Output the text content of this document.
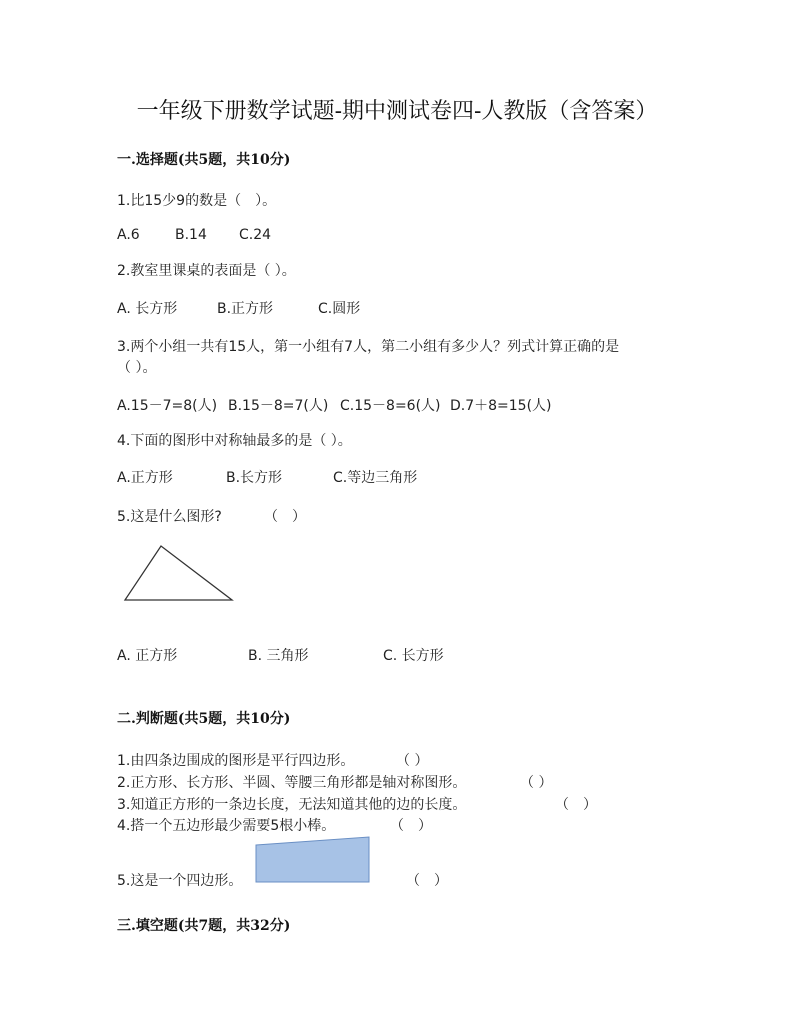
一年级下册数学试题-期中测试卷四-人教版（含答案）
一.选择题(共5题，共10分)
1.比15少9的数是（　）。
A.6	B.14 C.24
2.教室里课桌的表面是（ ）。
A. 长方形	B.正方形	C.圆形
3.两个小组一共有15人，第一小组有7人，第二小组有多少人？列式计算正确的是
（ ）。
A.15－7=8(人) B.15－8=7(人) C.15－8=6(人) D.7＋8=15(人)
4.下面的图形中对称轴最多的是（ ）。
A.正方形	B.长方形	C.等边三角形
5.这是什么图形?	（　）
A. 正方形	B. 三角形	C. 长方形
二.判断题(共5题，共10分)
1.由四条边围成的图形是平行四边形。	（ ）
2.正方形、长方形、半圆、等腰三角形都是轴对称图形。	（ ）
3.知道正方形的一条边长度，无法知道其他的边的长度。	（　）
4.搭一个五边形最少需要5根小棒。	（　）
5.这是一个四边形。	（　）
三.填空题(共7题，共32分)
